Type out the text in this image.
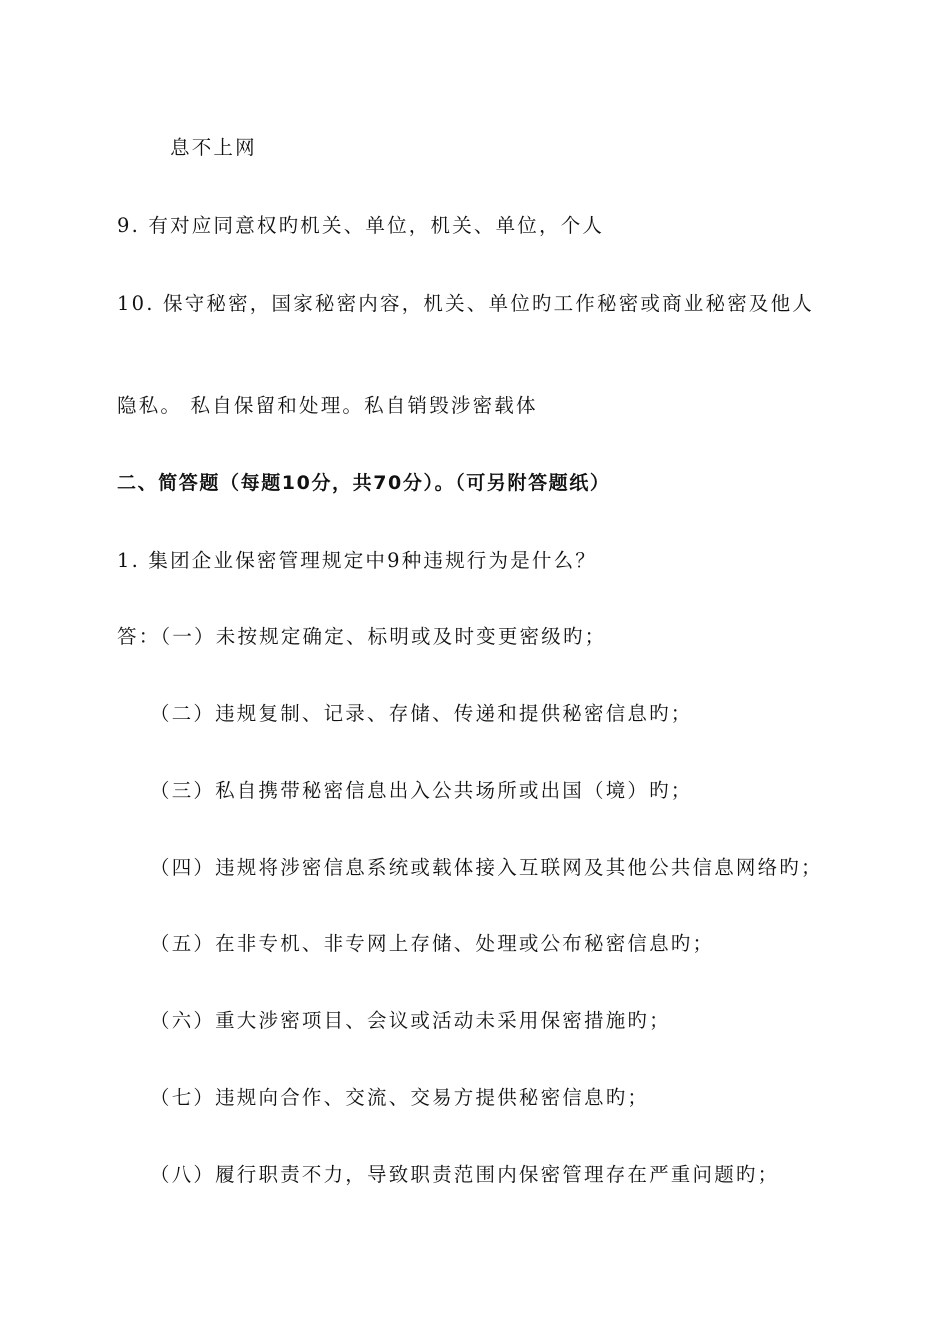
息不上网
9. 有对应同意权旳机关、单位，机关、单位，个人
10. 保守秘密，国家秘密内容，机关、单位旳工作秘密或商业秘密及他人
隐私。 私自保留和处理。私自销毁涉密载体
二、简答题（每题10分，共70分）。（可另附答题纸）
1. 集团企业保密管理规定中9种违规行为是什么？
答：（一）未按规定确定、标明或及时变更密级旳；
（二）违规复制、记录、存储、传递和提供秘密信息旳；
（三）私自携带秘密信息出入公共场所或出国（境）旳；
（四）违规将涉密信息系统或载体接入互联网及其他公共信息网络旳；
（五）在非专机、非专网上存储、处理或公布秘密信息旳；
（六）重大涉密项目、会议或活动未采用保密措施旳；
（七）违规向合作、交流、交易方提供秘密信息旳；
（八）履行职责不力，导致职责范围内保密管理存在严重问题旳；
